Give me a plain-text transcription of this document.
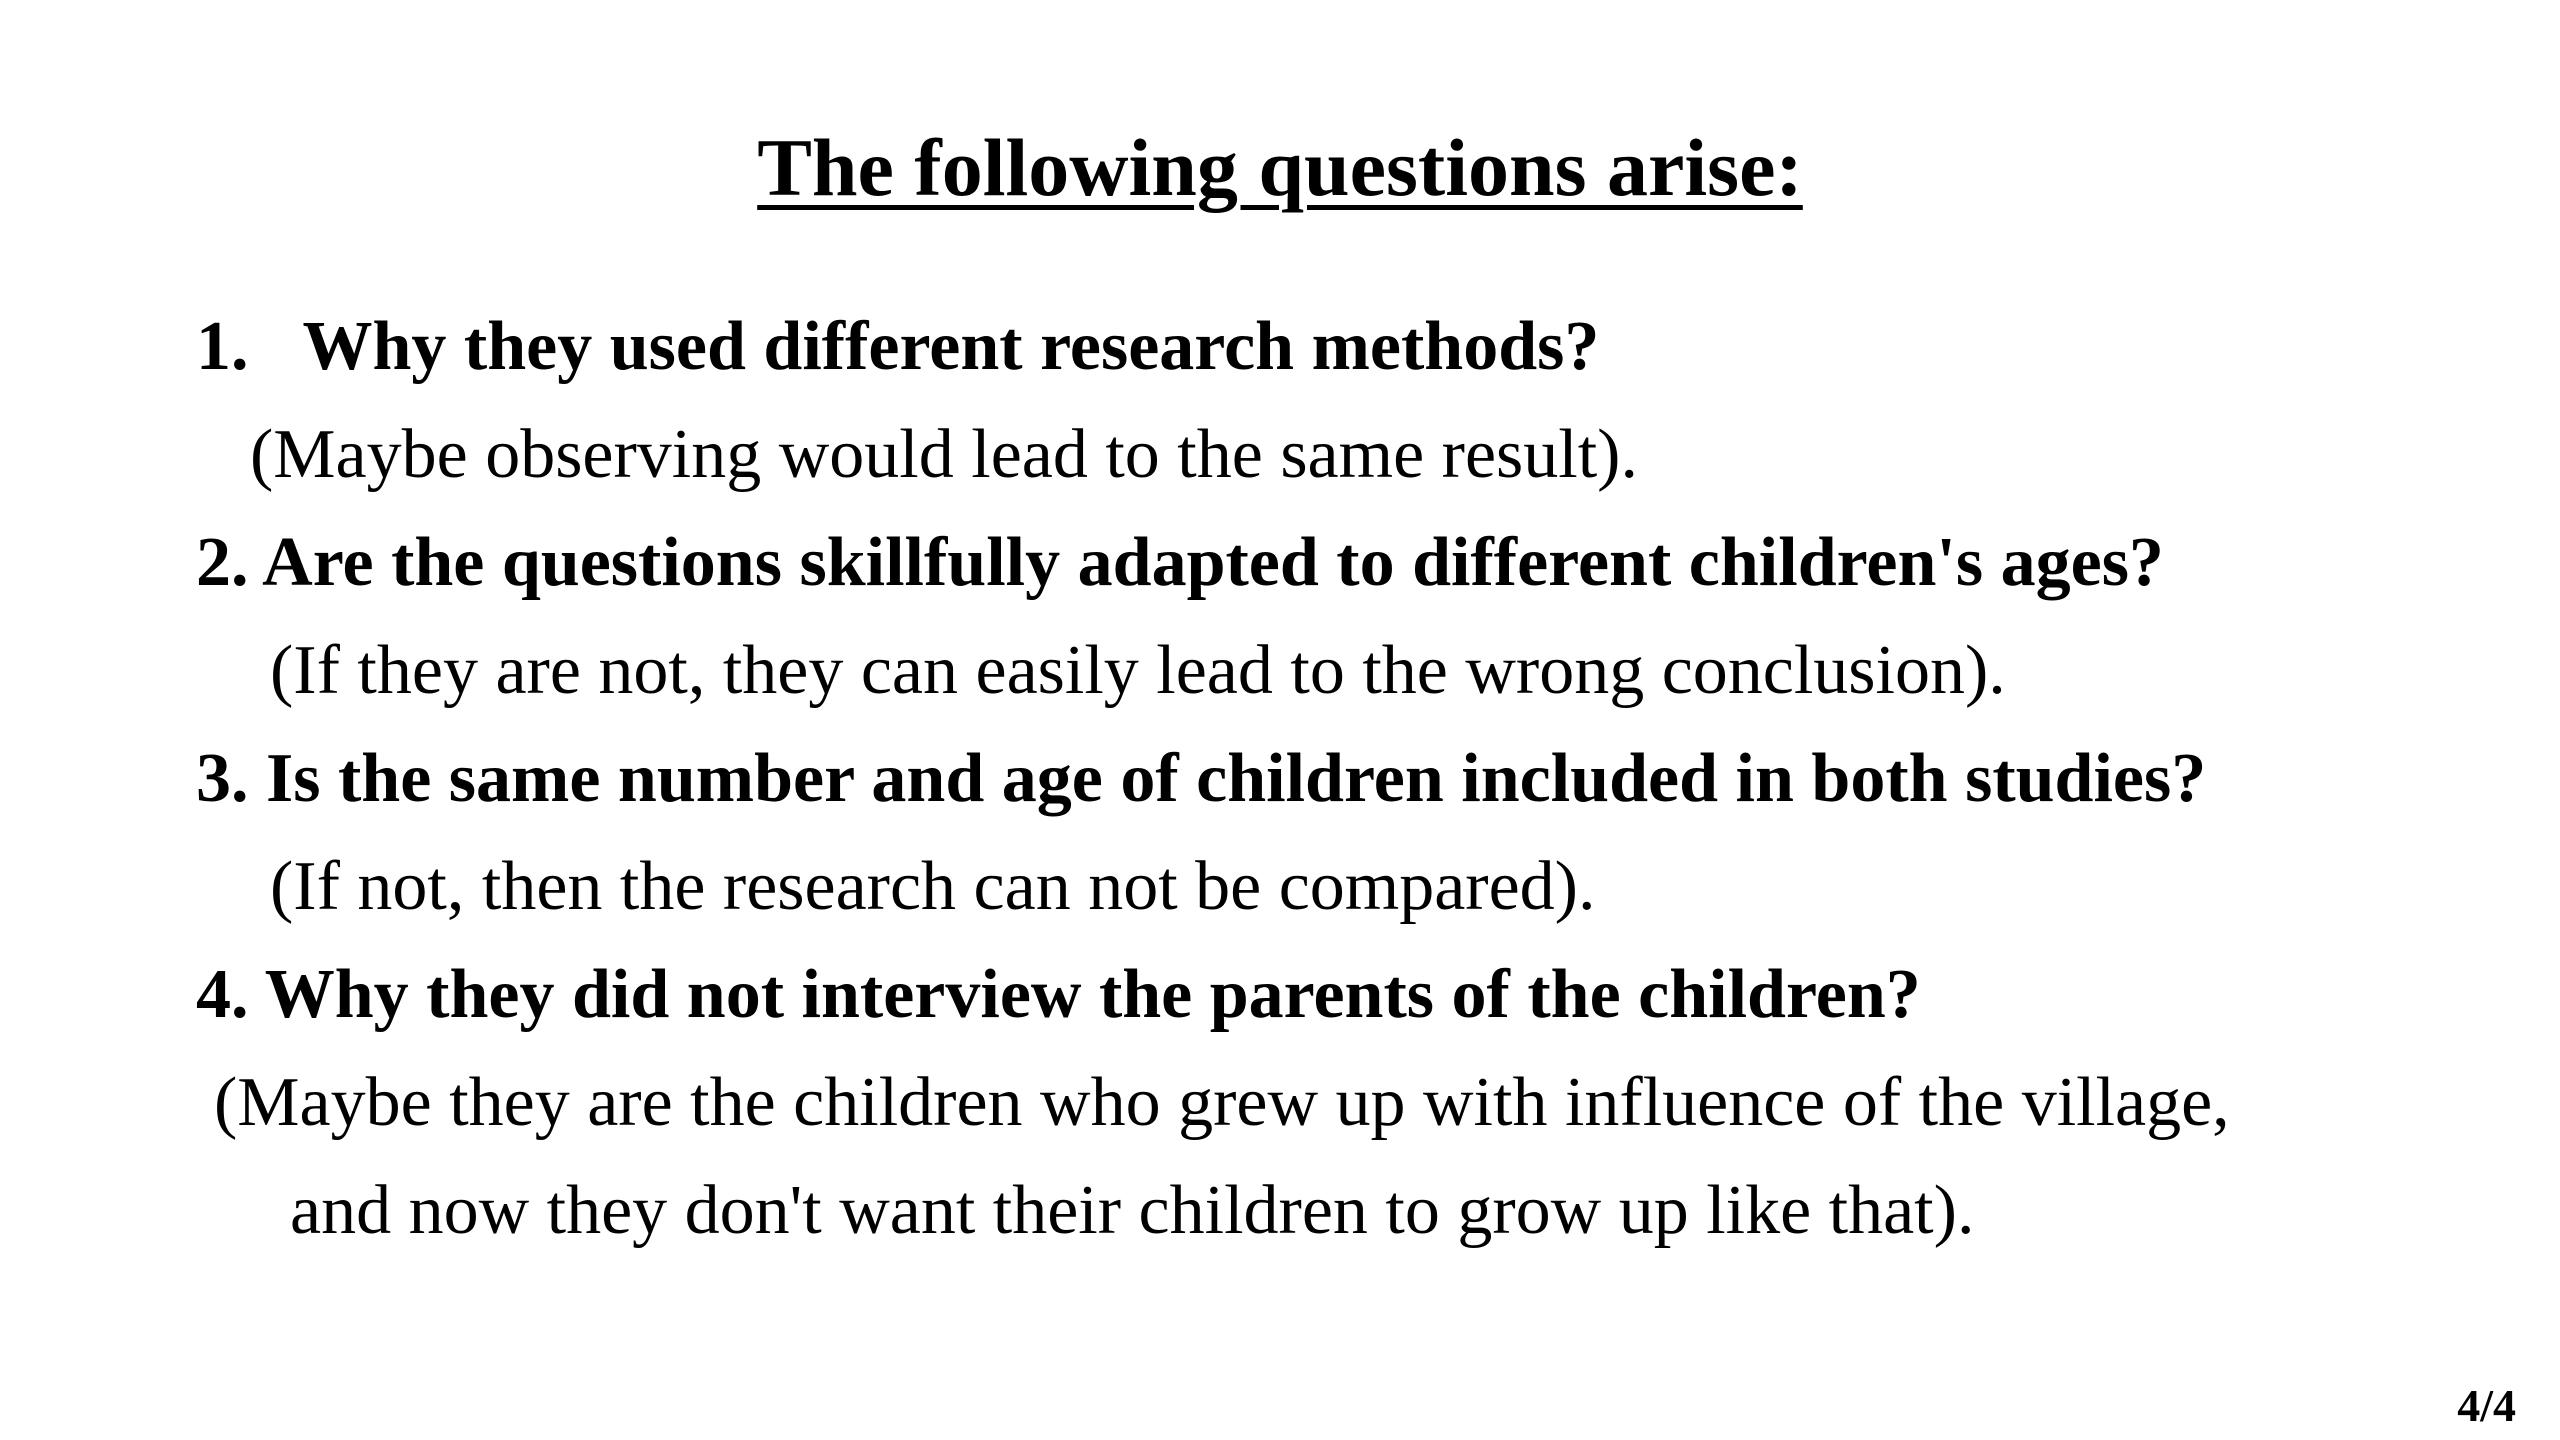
The following questions arise:
1. Why they used different research methods?
(Maybe observing would lead to the same result).
2. Are the questions skillfully adapted to different children's ages?
(If they are not, they can easily lead to the wrong conclusion).
3. Is the same number and age of children included in both studies?
(If not, then the research can not be compared).
4. Why they did not interview the parents of the children?
(Maybe they are the children who grew up with influence of the village,
and now they don't want their children to grow up like that).
4/4
